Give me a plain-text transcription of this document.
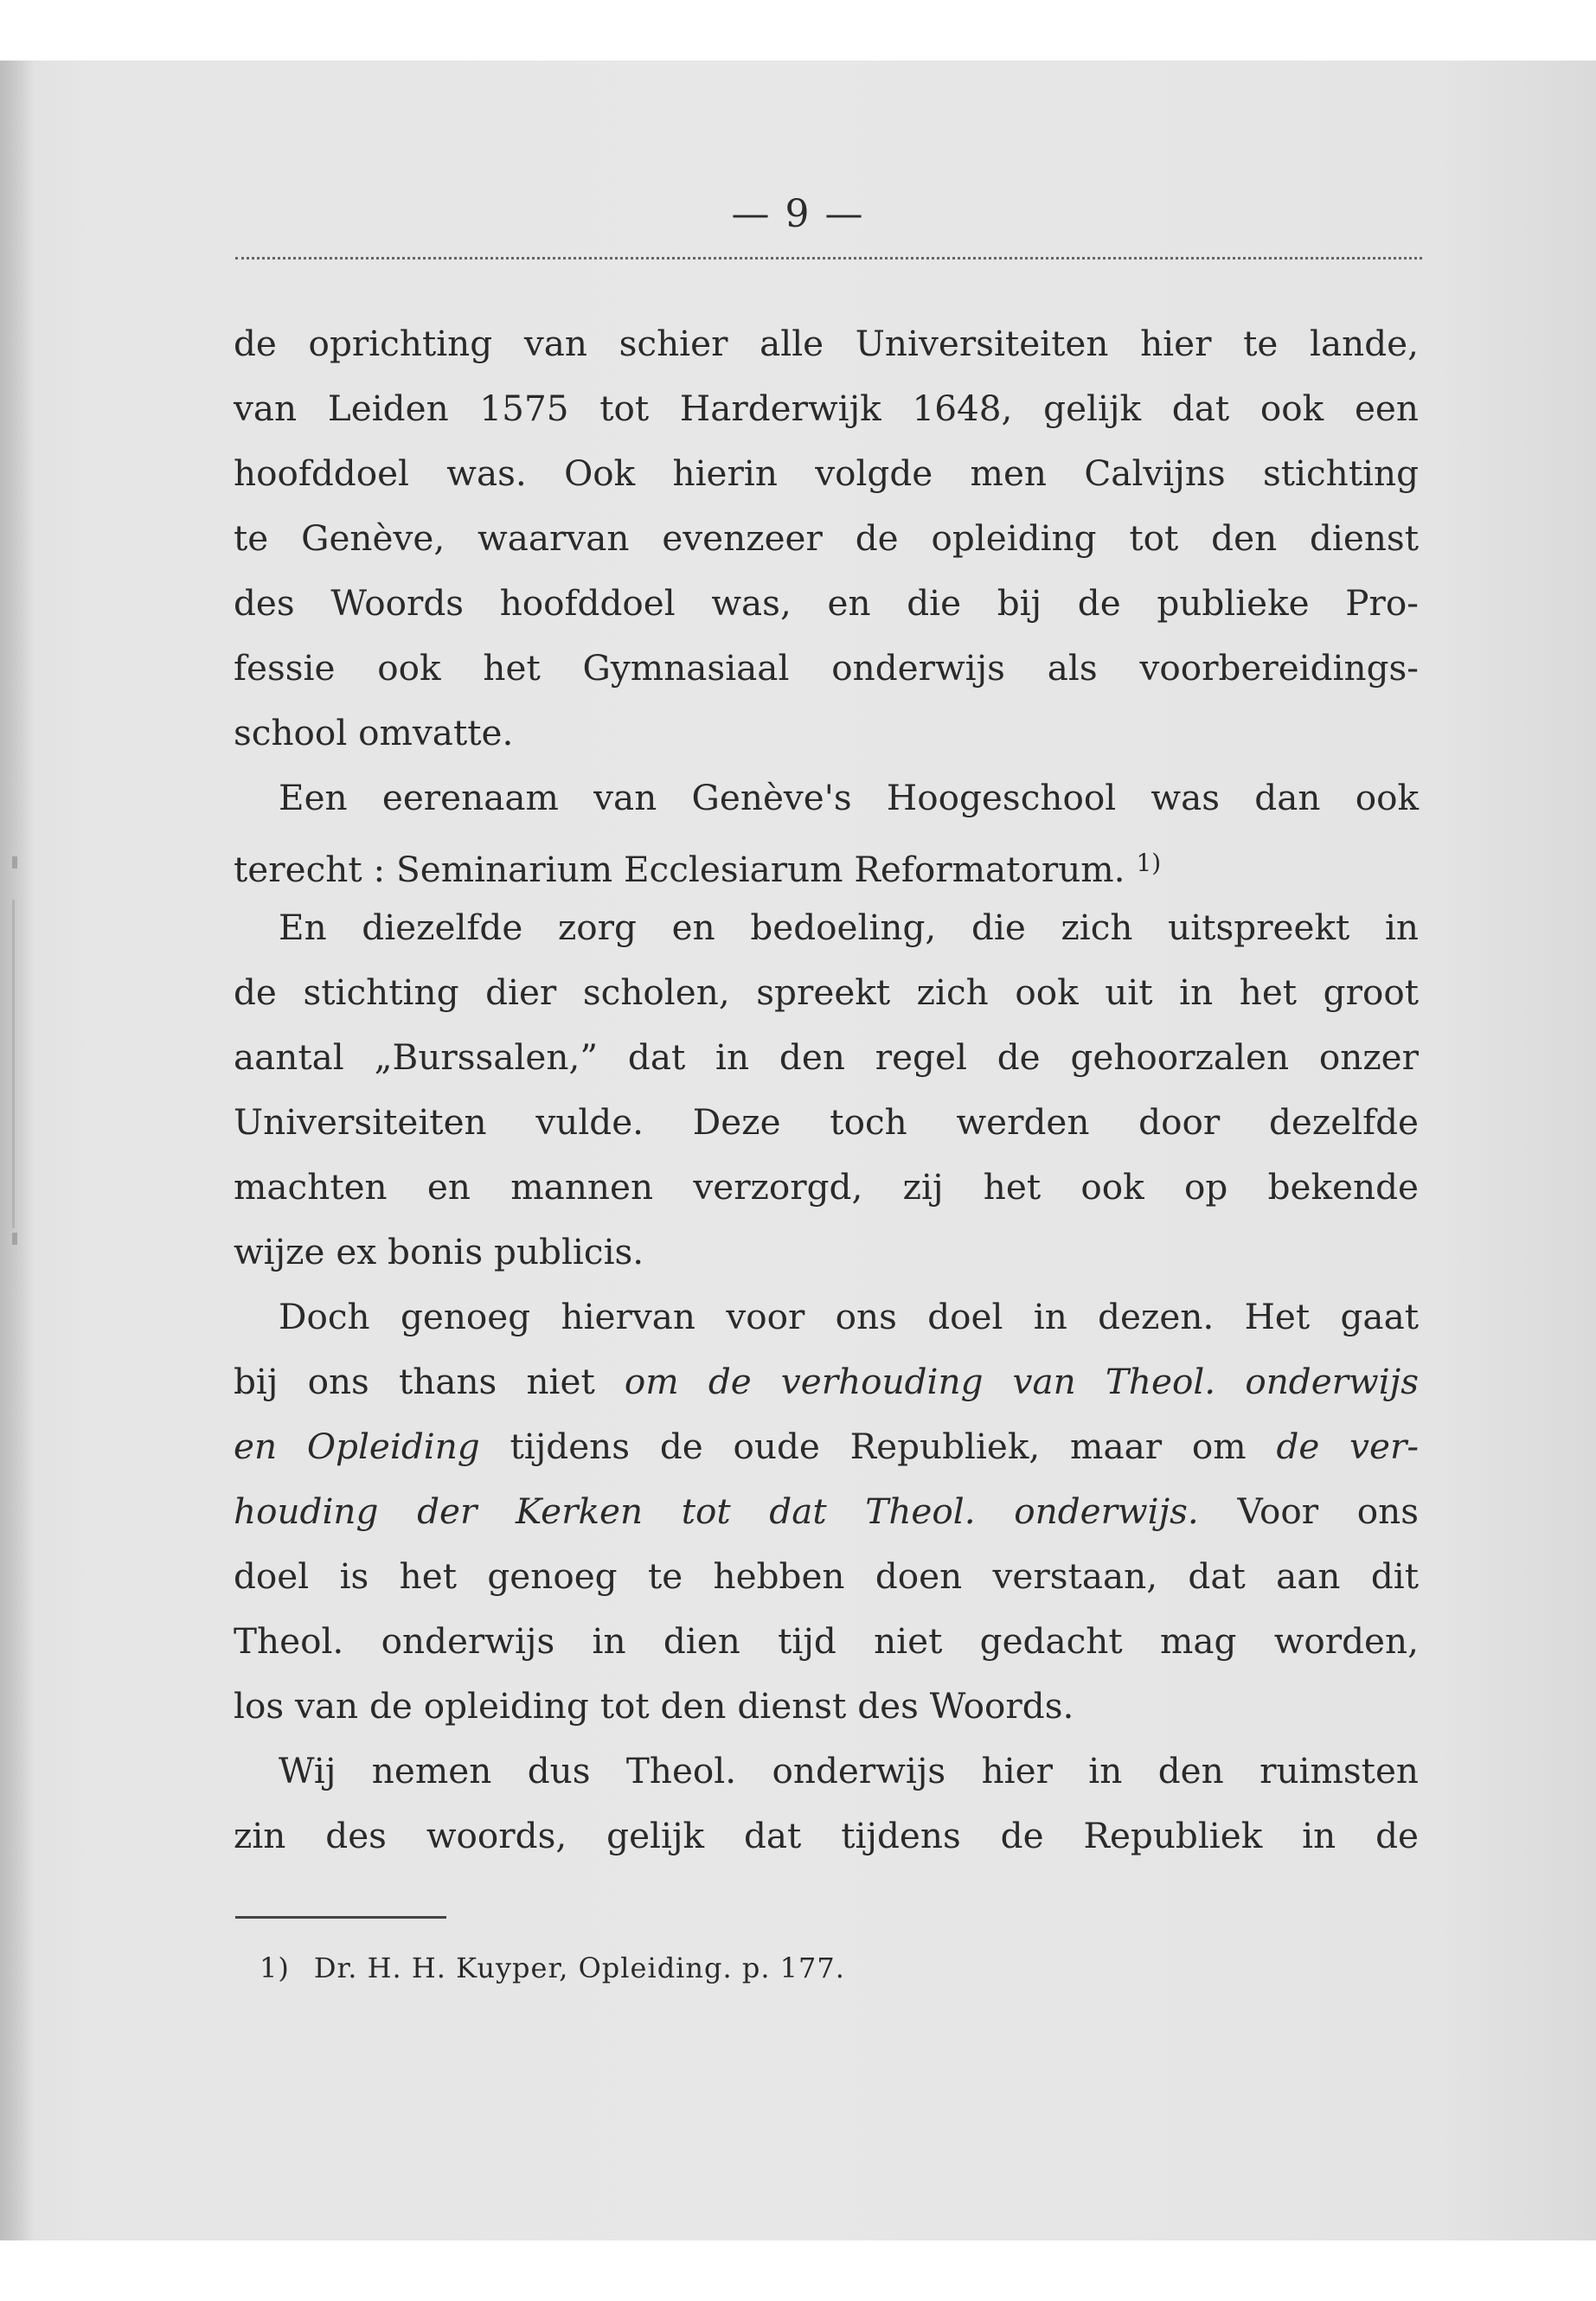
— 9 —
de oprichting van schier alle Universiteiten hier te lande,
van Leiden 1575 tot Harderwijk 1648, gelijk dat ook een
hoofddoel was. Ook hierin volgde men Calvijns stichting
te Genève, waarvan evenzeer de opleiding tot den dienst
des Woords hoofddoel was, en die bij de publieke Pro-
fessie ook het Gymnasiaal onderwijs als voorbereidings-
school omvatte.
Een eerenaam van Genève's Hoogeschool was dan ook
terecht : Seminarium Ecclesiarum Reformatorum. $^{1)}$
En diezelfde zorg en bedoeling, die zich uitspreekt in
de stichting dier scholen, spreekt zich ook uit in het groot
aantal „Burssalen,” dat in den regel de gehoorzalen onzer
Universiteiten vulde. Deze toch werden door dezelfde
machten en mannen verzorgd, zij het ook op bekende
wijze ex bonis publicis.
Doch genoeg hiervan voor ons doel in dezen. Het gaat
bij ons thans niet om de verhouding van Theol. onderwijs
en Opleiding tijdens de oude Republiek, maar om de ver-
houding der Kerken tot dat Theol. onderwijs. Voor ons
doel is het genoeg te hebben doen verstaan, dat aan dit
Theol. onderwijs in dien tijd niet gedacht mag worden,
los van de opleiding tot den dienst des Woords.
Wij nemen dus Theol. onderwijs hier in den ruimsten
zin des woords, gelijk dat tijdens de Republiek in de
1) Dr. H. H. Kuyper, Opleiding. p. 177.
